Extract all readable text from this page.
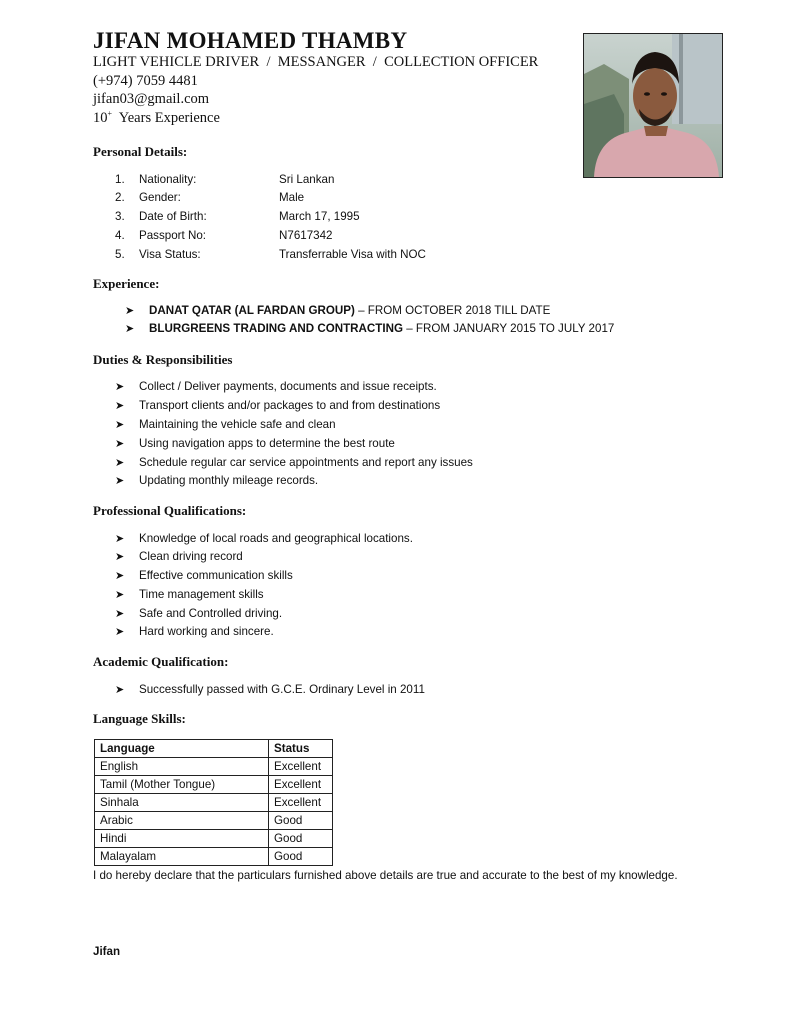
JIFAN MOHAMED THAMBY
LIGHT VEHICLE DRIVER  /  MESSANGER  /  COLLECTION OFFICER
(+974) 7059 4481
jifan03@gmail.com
10+  Years Experience
Personal Details:
1. Nationality:	Sri Lankan
2. Gender:	Male
3. Date of Birth:	March 17, 1995
4. Passport No:	N7617342
5. Visa Status:	Transferrable Visa with NOC
Experience:
➤ DANAT QATAR (AL FARDAN GROUP) – FROM OCTOBER 2018 TILL DATE
➤ BLURGREENS TRADING AND CONTRACTING – FROM JANUARY 2015 TO JULY 2017
Duties & Responsibilities
➤ Collect / Deliver payments, documents and issue receipts.
➤ Transport clients and/or packages to and from destinations
➤ Maintaining the vehicle safe and clean
➤ Using navigation apps to determine the best route
➤ Schedule regular car service appointments and report any issues
➤ Updating monthly mileage records.
Professional Qualifications:
➤ Knowledge of local roads and geographical locations.
➤ Clean driving record
➤ Effective communication skills
➤ Time management skills
➤ Safe and Controlled driving.
➤ Hard working and sincere.
Academic Qualification:
➤ Successfully passed with G.C.E. Ordinary Level in 2011
Language Skills:
Language	Status
English	Excellent
Tamil (Mother Tongue)	Excellent
Sinhala	Excellent
Arabic	Good
Hindi	Good
Malayalam	Good
I do hereby declare that the particulars furnished above details are true and accurate to the best of my knowledge.
Jifan
